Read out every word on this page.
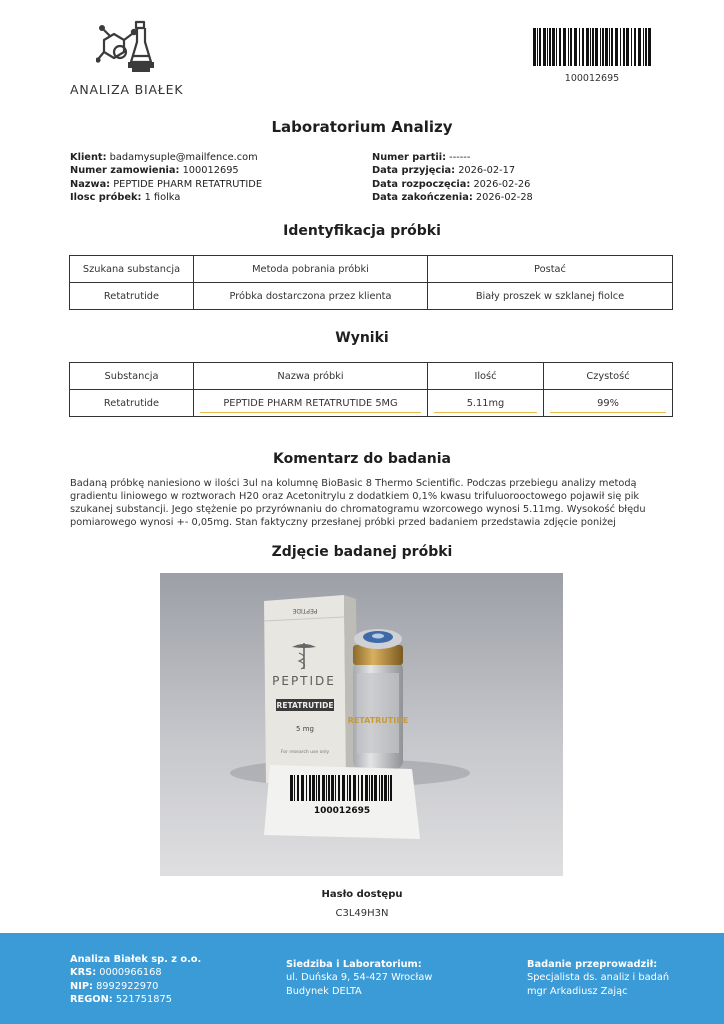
ANALIZA BIAŁEK
100012695
Laboratorium Analizy
Klient: badamysuple@mailfence.com
Numer zamowienia: 100012695
Nazwa: PEPTIDE PHARM RETATRUTIDE
Ilosc próbek: 1 fiolka
Numer partii: ------
Data przyjęcia: 2026-02-17
Data rozpoczęcia: 2026-02-26
Data zakończenia: 2026-02-28
Identyfikacja próbki
Szukana substancja	Metoda pobrania próbki	Postać
Retatrutide	Próbka dostarczona przez klienta	Biały proszek w szklanej fiolce
Wyniki
Substancja	Nazwa próbki	Ilość	Czystość
Retatrutide	PEPTIDE PHARM RETATRUTIDE 5MG	5.11mg	99%
Komentarz do badania
Badaną próbkę naniesiono w ilości 3ul na kolumnę BioBasic 8 Thermo Scientific. Podczas przebiegu analizy metodą gradientu liniowego w roztworach H20 oraz Acetonitrylu z dodatkiem 0,1% kwasu trifuluorooctowego pojawił się pik szukanej substancji. Jego stężenie po przyrównaniu do chromatogramu wzorcowego wynosi 5.11mg. Wysokość błędu pomiarowego wynosi +- 0,05mg. Stan faktyczny przesłanej próbki przed badaniem przedstawia zdjęcie poniżej
Zdjęcie badanej próbki
PEPTIDE
PEPTIDE
RETATRUTIDE
5 mg
For research use only
RETATRUTIDE
100012695
Hasło dostępu
C3L49H3N
Analiza Białek sp. z o.o.
KRS: 0000966168
NIP: 8992922970
REGON: 521751875
Siedziba i Laboratorium:
ul. Duńska 9, 54-427 Wrocław
Budynek DELTA
Badanie przeprowadził:
Specjalista ds. analiz i badań
mgr Arkadiusz Zając
